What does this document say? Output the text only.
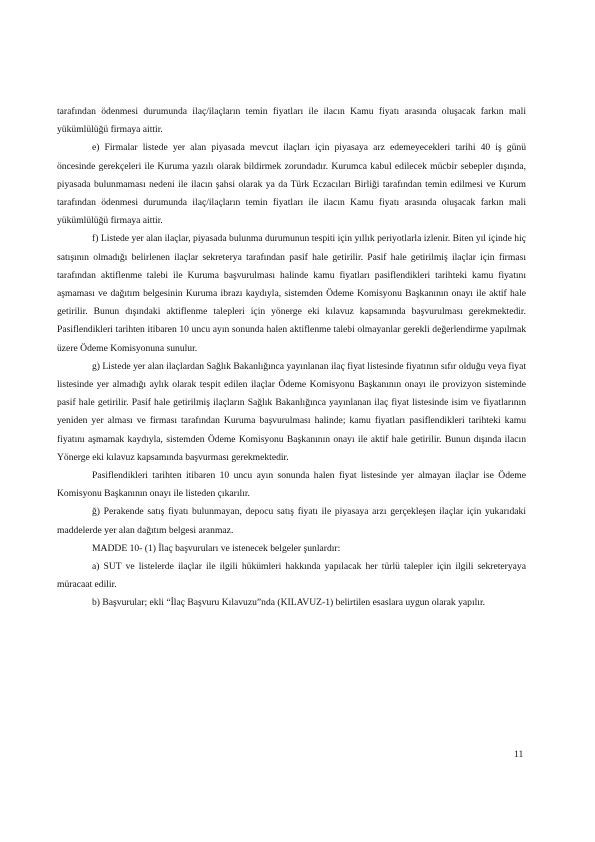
tarafından ödenmesi durumunda ilaç/ilaçların temin fiyatları ile ilacın Kamu fiyatı arasında oluşacak farkın mali yükümlülüğü firmaya aittir.

e) Firmalar listede yer alan piyasada mevcut ilaçları için piyasaya arz edemeyecekleri tarihi 40 iş günü öncesinde gerekçeleri ile Kuruma yazılı olarak bildirmek zorundadır. Kurumca kabul edilecek mücbir sebepler dışında, piyasada bulunmaması nedeni ile ilacın şahsi olarak ya da Türk Eczacıları Birliği tarafından temin edilmesi ve Kurum tarafından ödenmesi durumunda ilaç/ilaçların temin fiyatları ile ilacın Kamu fiyatı arasında oluşacak farkın mali yükümlülüğü firmaya aittir.

f) Listede yer alan ilaçlar, piyasada bulunma durumunun tespiti için yıllık periyotlarla izlenir. Biten yıl içinde hiç satışının olmadığı belirlenen ilaçlar sekreterya tarafından pasif hale getirilir. Pasif hale getirilmiş ilaçlar için firması tarafından aktiflenme talebi ile Kuruma başvurulması halinde kamu fiyatları pasiflendikleri tarihteki kamu fiyatını aşmaması ve dağıtım belgesinin Kuruma ibrazı kaydıyla, sistemden Ödeme Komisyonu Başkanının onayı ile aktif hale getirilir. Bunun dışındaki aktiflenme talepleri için yönerge eki kılavuz kapsamında başvurulması gerekmektedir. Pasiflendikleri tarihten itibaren 10 uncu ayın sonunda halen aktiflenme talebi olmayanlar gerekli değerlendirme yapılmak üzere Ödeme Komisyonuna sunulur.

g) Listede yer alan ilaçlardan Sağlık Bakanlığınca yayınlanan ilaç fiyat listesinde fiyatının sıfır olduğu veya fiyat listesinde yer almadığı aylık olarak tespit edilen ilaçlar Ödeme Komisyonu Başkanının onayı ile provizyon sisteminde pasif hale getirilir. Pasif hale getirilmiş ilaçların Sağlık Bakanlığınca yayınlanan ilaç fiyat listesinde isim ve fiyatlarının yeniden yer alması ve firması tarafından Kuruma başvurulması halinde; kamu fiyatları pasiflendikleri tarihteki kamu fiyatını aşmamak kaydıyla, sistemden Ödeme Komisyonu Başkanının onayı ile aktif hale getirilir. Bunun dışında ilacın Yönerge eki kılavuz kapsamında başvurması gerekmektedir.

Pasiflendikleri tarihten itibaren 10 uncu ayın sonunda halen fiyat listesinde yer almayan ilaçlar ise Ödeme Komisyonu Başkanının onayı ile listeden çıkarılır.

ğ) Perakende satış fiyatı bulunmayan, depocu satış fiyatı ile piyasaya arzı gerçekleşen ilaçlar için yukarıdaki maddelerde yer alan dağıtım belgesi aranmaz.

MADDE 10- (1) İlaç başvuruları ve istenecek belgeler şunlardır:

a) SUT ve listelerde ilaçlar ile ilgili hükümleri hakkında yapılacak her türlü talepler için ilgili sekreteryaya müracaat edilir.

b) Başvurular; ekli “İlaç Başvuru Kılavuzu”nda (KILAVUZ-1) belirtilen esaslara uygun olarak yapılır.

11
